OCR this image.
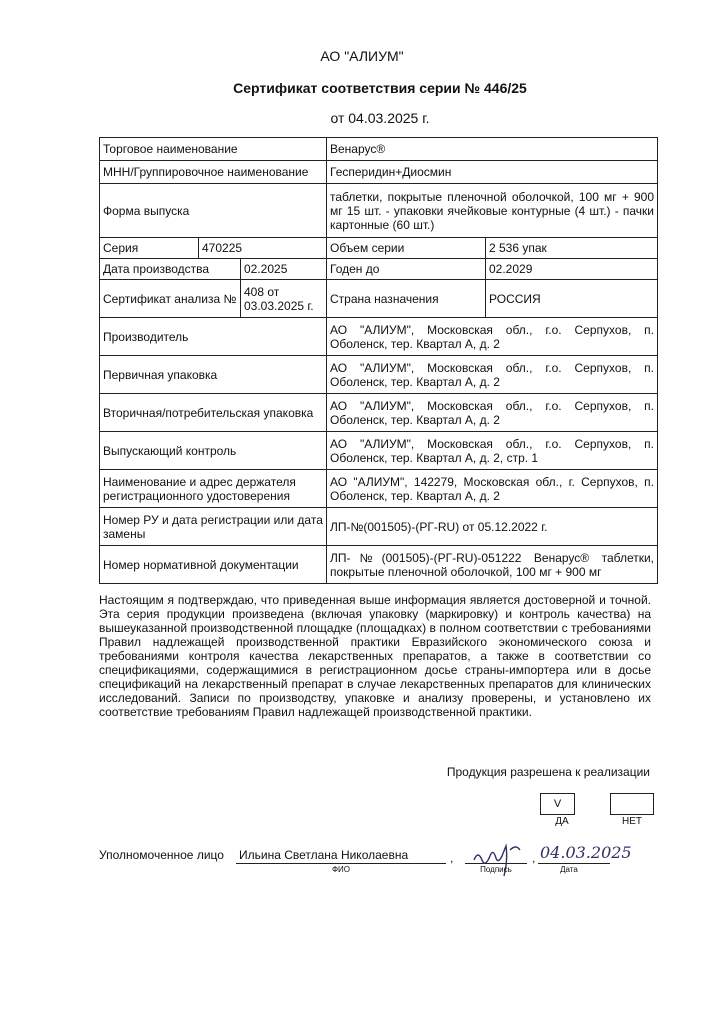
АО "АЛИУМ"
Сертификат соответствия серии № 446/25
от 04.03.2025 г.
Торговое наименование			Венарус®	
МНН/Группировочное наименование			Гесперидин+Диосмин	
Форма выпуска			таблетки, покрытые пленочной оболочкой, 100 мг + 900 мг 15 шт. - упаковки ячейковые контурные (4 шт.) - пачки картонные (60 шт.)	
Серия	470225		Объем серии	2 536 упак
Дата производства		02.2025	Годен до	02.2029
Сертификат анализа №		408 от 03.03.2025 г.	Страна назначения	РОССИЯ
Производитель			АО "АЛИУМ", Московская обл., г.о. Серпухов, п. Оболенск, тер. Квартал А, д. 2	
Первичная упаковка			АО "АЛИУМ", Московская обл., г.о. Серпухов, п. Оболенск, тер. Квартал А, д. 2	
Вторичная/потребительская упаковка			АО "АЛИУМ", Московская обл., г.о. Серпухов, п. Оболенск, тер. Квартал А, д. 2	
Выпускающий контроль			АО "АЛИУМ", Московская обл., г.о. Серпухов, п. Оболенск, тер. Квартал А, д. 2, стр. 1	
Наименование и адрес держателя регистрационного удостоверения			АО "АЛИУМ", 142279, Московская обл., г. Серпухов, п. Оболенск, тер. Квартал А, д. 2	
Номер РУ и дата регистрации или дата замены			ЛП-№(001505)-(РГ-RU) от 05.12.2022 г.	
Номер нормативной документации			ЛП-№(001505)-(РГ-RU)-051222 Венарус® таблетки, покрытые пленочной оболочкой, 100 мг + 900 мг	
Настоящим я подтверждаю, что приведенная выше информация является достоверной и точной. Эта серия продукции произведена (включая упаковку (маркировку) и контроль качества) на вышеуказанной производственной площадке (площадках) в полном соответствии с требованиями Правил надлежащей производственной практики Евразийского экономического союза и требованиями контроля качества лекарственных препаратов, а также в соответствии со спецификациями, содержащимися в регистрационном досье страны-импортера или в досье спецификаций на лекарственный препарат в случае лекарственных препаратов для клинических исследований. Записи по производству, упаковке и анализу проверены, и установлено их соответствие требованиям Правил надлежащей производственной практики.
Продукция разрешена к реализации
V
ДА	НЕТ
Уполномоченное лицо Ильина Светлана Николаевна
ФИО
,
Подпись
, 04.03.2025
Дата
